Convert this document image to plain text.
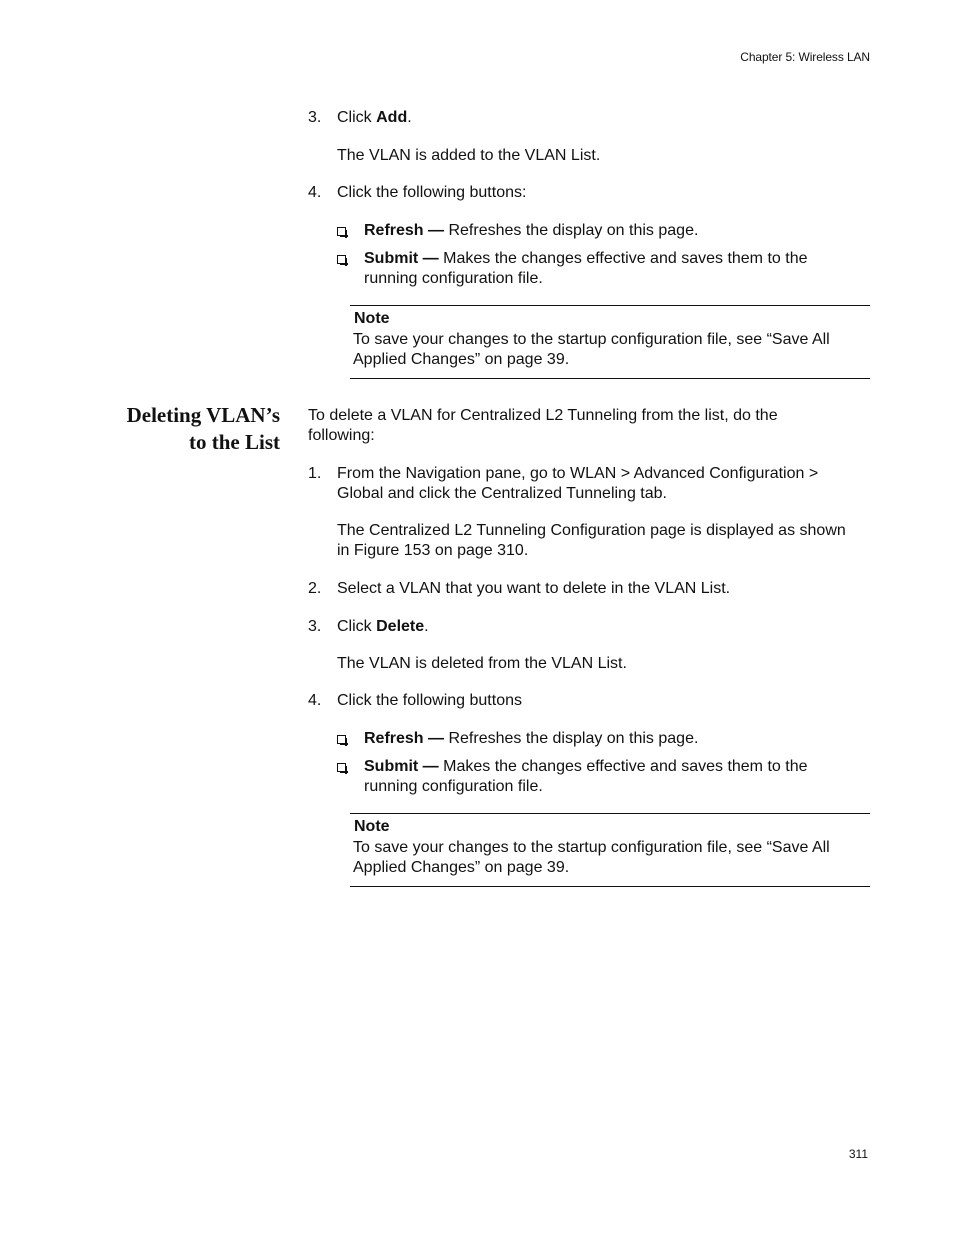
Chapter 5: Wireless LAN
3. Click Add.

The VLAN is added to the VLAN List.

4. Click the following buttons:

Refresh — Refreshes the display on this page.

Submit — Makes the changes effective and saves them to the running configuration file.

Note
To save your changes to the startup configuration file, see “Save All Applied Changes” on page 39.
Deleting VLAN’s
to the List

To delete a VLAN for Centralized L2 Tunneling from the list, do the following:

1. From the Navigation pane, go to WLAN > Advanced Configuration > Global and click the Centralized Tunneling tab.

The Centralized L2 Tunneling Configuration page is displayed as shown in Figure 153 on page 310.

2. Select a VLAN that you want to delete in the VLAN List.

3. Click Delete.

The VLAN is deleted from the VLAN List.

4. Click the following buttons

Refresh — Refreshes the display on this page.

Submit — Makes the changes effective and saves them to the running configuration file.

Note
To save your changes to the startup configuration file, see “Save All Applied Changes” on page 39.
311
